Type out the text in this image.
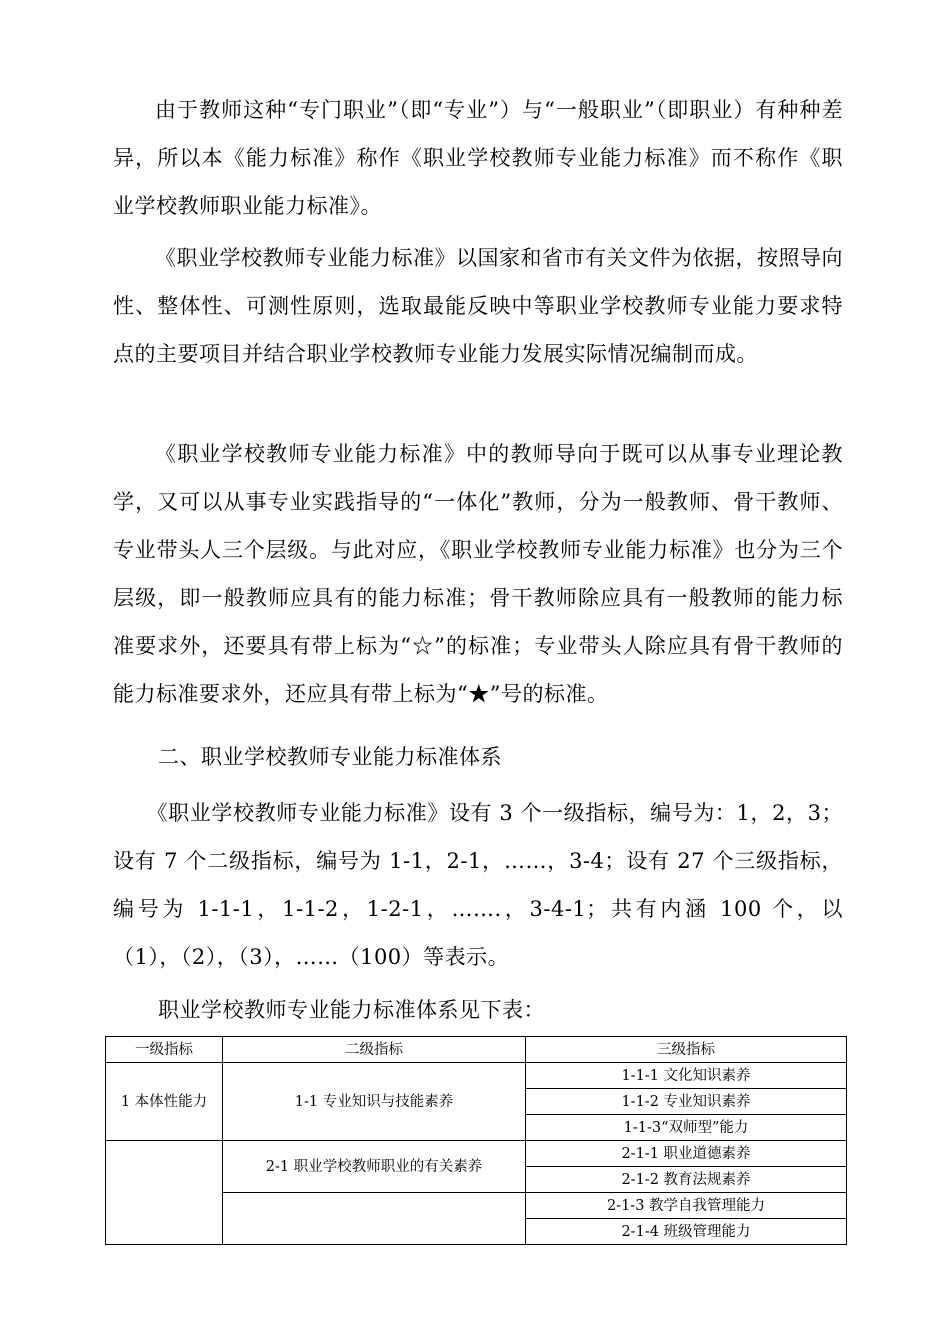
由于教师这种“专门职业”（即“专业”）与“一般职业”（即职业）有种种差异，所以本《能力标准》称作《职业学校教师专业能力标准》而不称作《职业学校教师职业能力标准》。

《职业学校教师专业能力标准》以国家和省市有关文件为依据，按照导向性、整体性、可测性原则，选取最能反映中等职业学校教师专业能力要求特点的主要项目并结合职业学校教师专业能力发展实际情况编制而成。

《职业学校教师专业能力标准》中的教师导向于既可以从事专业理论教学，又可以从事专业实践指导的“一体化”教师，分为一般教师、骨干教师、专业带头人三个层级。与此对应，《职业学校教师专业能力标准》也分为三个层级，即一般教师应具有的能力标准；骨干教师除应具有一般教师的能力标准要求外，还要具有带上标为“☆”的标准；专业带头人除应具有骨干教师的能力标准要求外，还应具有带上标为“★”号的标准。

二、职业学校教师专业能力标准体系

《职业学校教师专业能力标准》设有 3 个一级指标，编号为：1，2，3；设有 7 个二级指标，编号为 1-1，2-1，……，3-4；设有 27 个三级指标，编号为 1-1-1，1-1-2，1-2-1，…….，3-4-1；共有内涵 100 个，以（1），（2），（3），……（100）等表示。

职业学校教师专业能力标准体系见下表：

一级指标	二级指标	三级指标
1 本体性能力	1-1 专业知识与技能素养	1-1-1 文化知识素养
		1-1-2 专业知识素养
		1-1-3“双师型”能力
	2-1 职业学校教师职业的有关素养	2-1-1 职业道德素养
		2-1-2 教育法规素养
		2-1-3 教学自我管理能力
		2-1-4 班级管理能力
